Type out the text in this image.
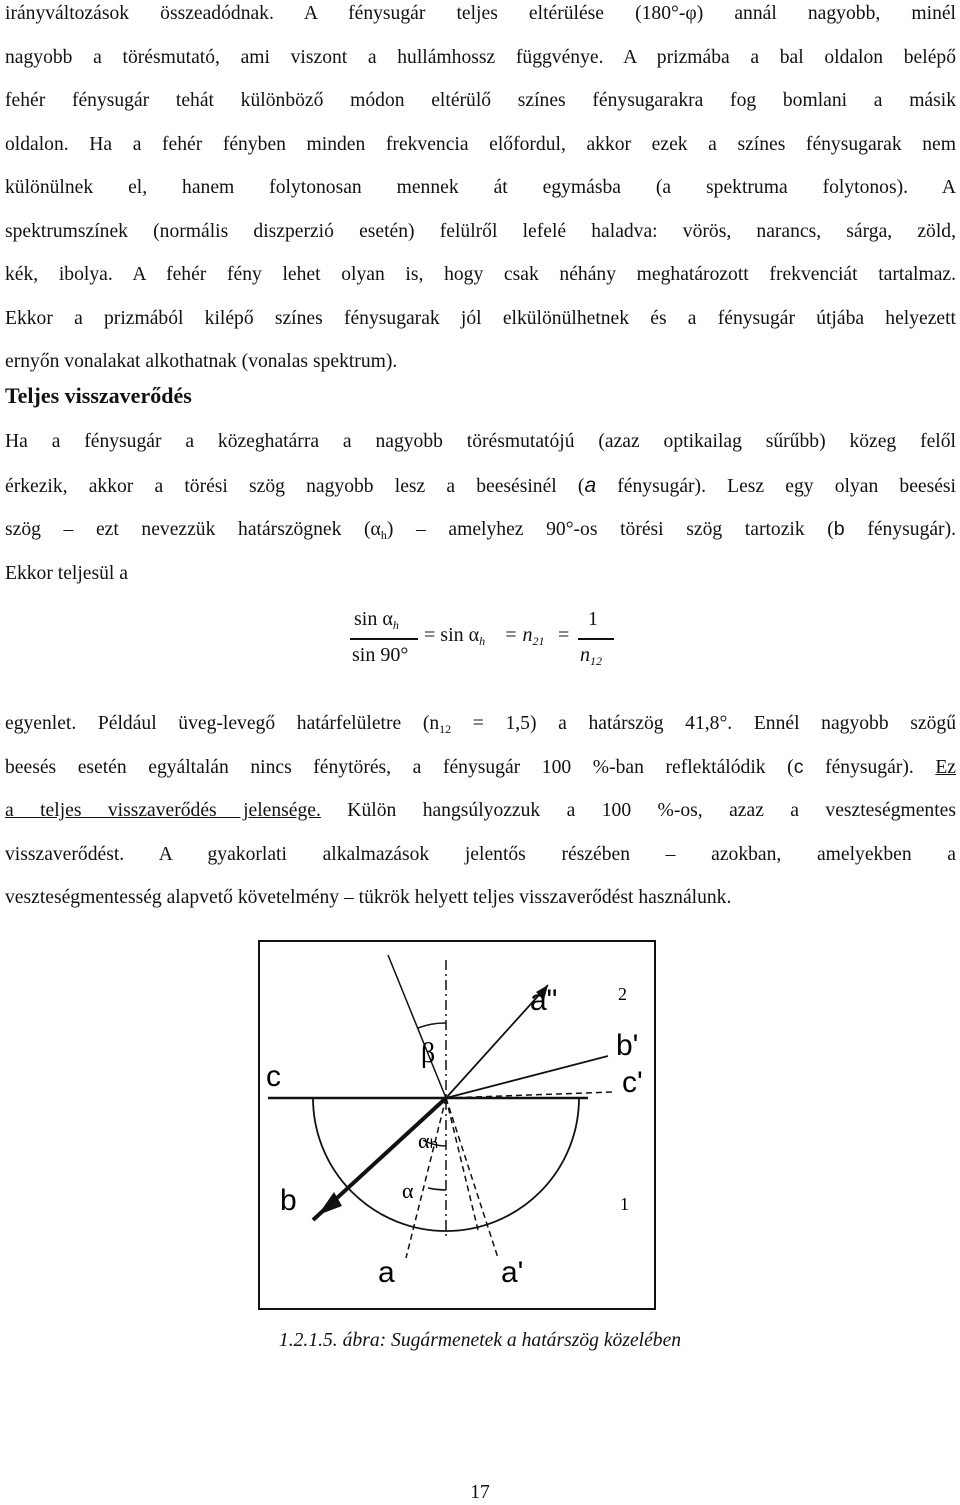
irányváltozások összeadódnak. A fénysugár teljes eltérülése (180°-φ) annál nagyobb, minél
nagyobb a törésmutató, ami viszont a hullámhossz függvénye. A prizmába a bal oldalon belépő
fehér fénysugár tehát különböző módon eltérülő színes fénysugarakra fog bomlani a másik
oldalon. Ha a fehér fényben minden frekvencia előfordul, akkor ezek a színes fénysugarak nem
különülnek el, hanem folytonosan mennek át egymásba (a spektruma folytonos). A
spektrumszínek (normális diszperzió esetén) felülről lefelé haladva: vörös, narancs, sárga, zöld,
kék, ibolya. A fehér fény lehet olyan is, hogy csak néhány meghatározott frekvenciát tartalmaz.
Ekkor a prizmából kilépő színes fénysugarak jól elkülönülhetnek és a fénysugár útjába helyezett
ernyőn vonalakat alkothatnak (vonalas spektrum).
Teljes visszaverődés
Ha a fénysugár a közeghatárra a nagyobb törésmutatójú (azaz optikailag sűrűbb) közeg felől
érkezik, akkor a törési szög nagyobb lesz a beesésinél (a fénysugár). Lesz egy olyan beesési
szög – ezt nevezzük határszögnek $(\alpha_h)$ – amelyhez 90°-os törési szög tartozik (b fénysugár).
Ekkor teljesül a
$\sin \alpha_h$
sin 90°
= $\sin \alpha_h = n_{21}$ =
1
$n_{12}$
egyenlet. Például üveg-levegő határfelületre $(n_{12} = 1,5)$ a határszög 41,8°. Ennél nagyobb szögű
beesés esetén egyáltalán nincs fénytörés, a fénysugár 100 %-ban reflektálódik (c fénysugár). Ez
a teljes visszaverődés jelensége. Külön hangsúlyozzuk a 100 %-os, azaz a veszteségmentes
visszaverődést. A gyakorlati alkalmazások jelentős részében – azokban, amelyekben a
veszteségmentesség alapvető követelmény – tükrök helyett teljes visszaverődést használunk.
a"	2
β	b'
c'
c
αₕ
α
b	1
a	a'

1.2.1.5. ábra: Sugármenetek a határszög közelében

17
